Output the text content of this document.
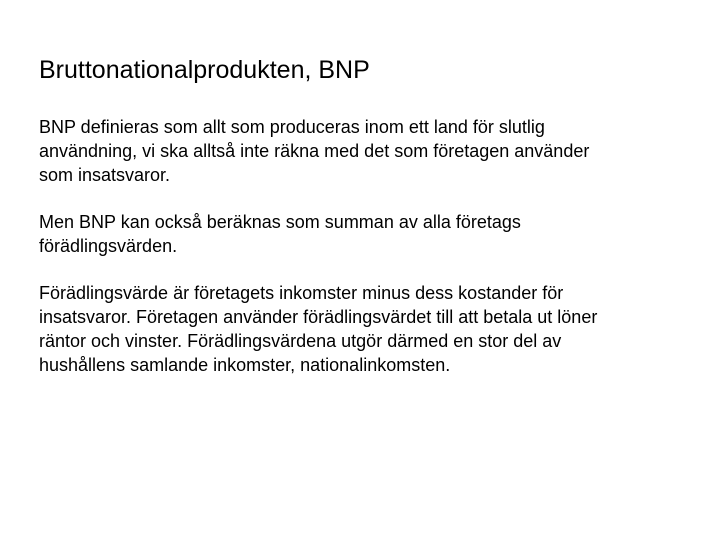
Bruttonationalprodukten, BNP

BNP definieras som allt som produceras inom ett land för slutlig
användning, vi ska alltså inte räkna med det som företagen använder
som insatsvaror.

Men BNP kan också beräknas som summan av alla företags
förädlingsvärden.

Förädlingsvärde är företagets inkomster minus dess kostander för
insatsvaror. Företagen använder förädlingsvärdet till att betala ut löner
räntor och vinster. Förädlingsvärdena utgör därmed en stor del av
hushållens samlande inkomster, nationalinkomsten.
